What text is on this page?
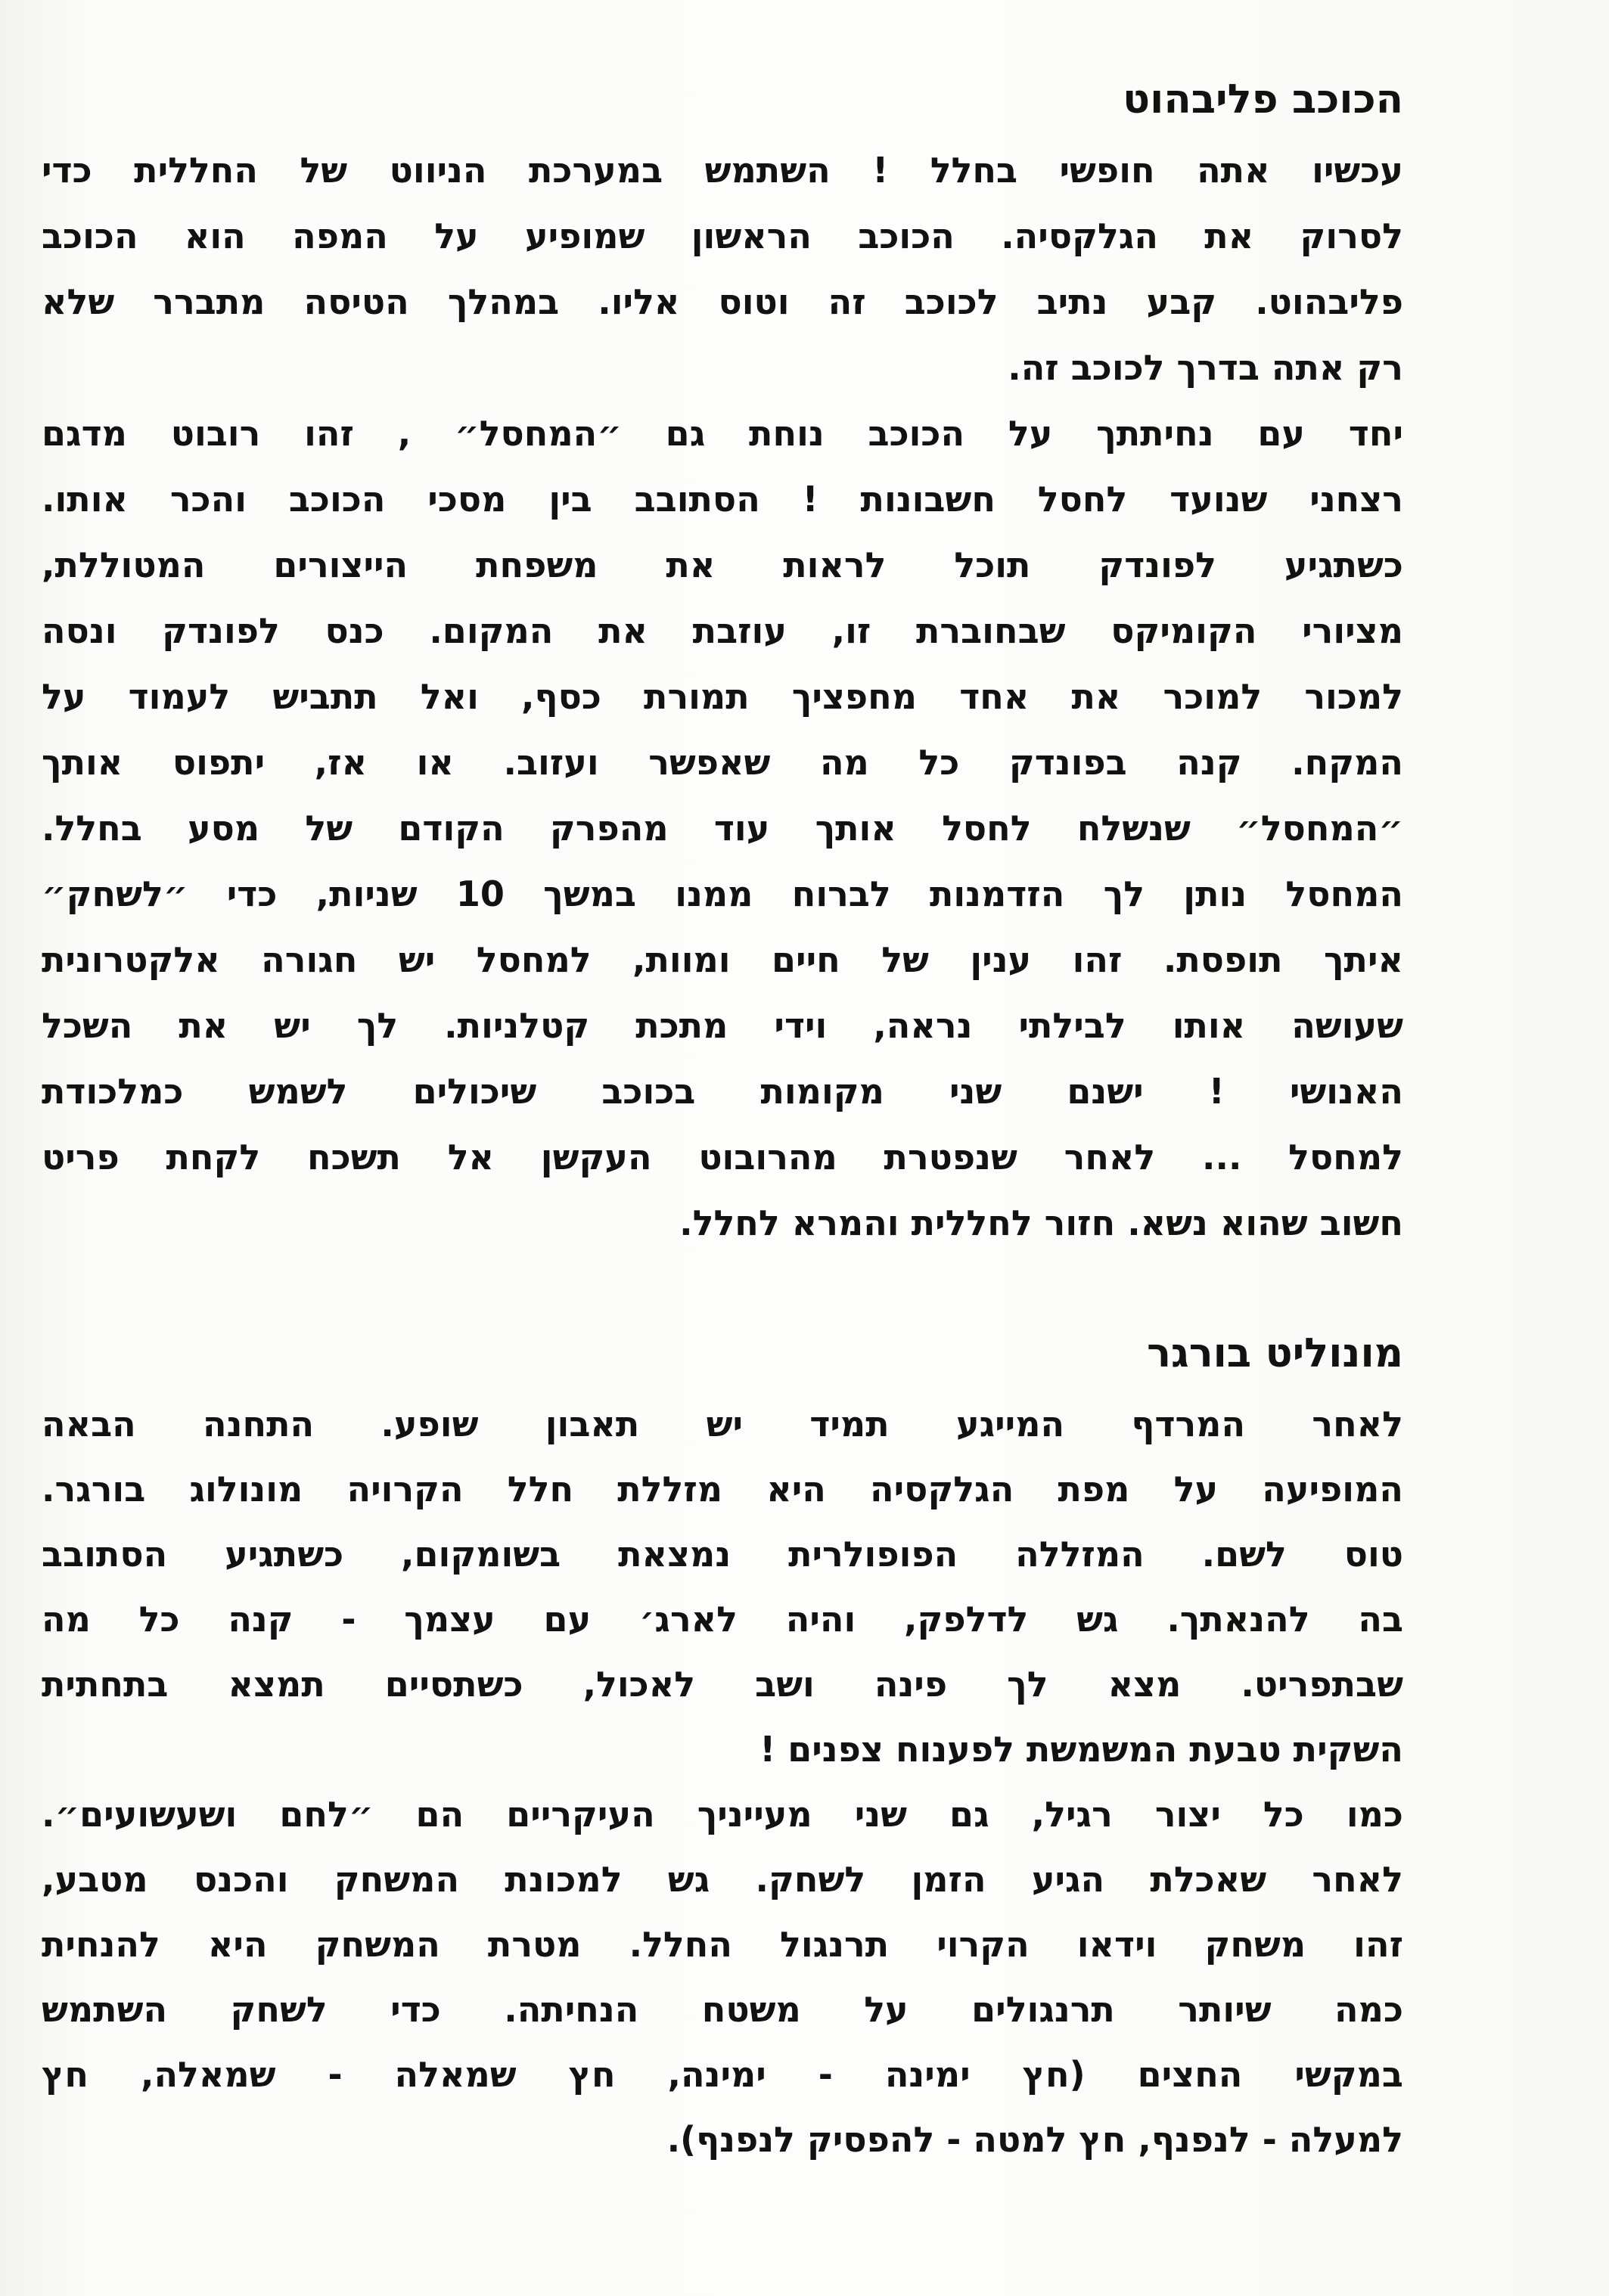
הכוכב פליבהוט
עכשיו אתה חופשי בחלל ! השתמש במערכת הניווט של החללית כדי
לסרוק את הגלקסיה. הכוכב הראשון שמופיע על המפה הוא הכוכב
פליבהוט. קבע נתיב לכוכב זה וטוס אליו. במהלך הטיסה מתברר שלא
רק אתה בדרך לכוכב זה.
יחד עם נחיתתך על הכוכב נוחת גם ״המחסל״ , זהו רובוט מדגם
רצחני שנועד לחסל חשבונות ! הסתובב בין מסכי הכוכב והכר אותו.
כשתגיע לפונדק תוכל לראות את משפחת הייצורים המטוללת,
מציורי הקומיקס שבחוברת זו, עוזבת את המקום. כנס לפונדק ונסה
למכור למוכר את אחד מחפציך תמורת כסף, ואל תתביש לעמוד על
המקח. קנה בפונדק כל מה שאפשר ועזוב. או אז, יתפוס אותך
״המחסל״ שנשלח לחסל אותך עוד מהפרק הקודם של מסע בחלל.
המחסל נותן לך הזדמנות לברוח ממנו במשך 10 שניות, כדי ״לשחק״
איתך תופסת. זהו ענין של חיים ומוות, למחסל יש חגורה אלקטרונית
שעושה אותו לבילתי נראה, וידי מתכת קטלניות. לך יש את השכל
האנושי ! ישנם שני מקומות בכוכב שיכולים לשמש כמלכודת
למחסל ... לאחר שנפטרת מהרובוט העקשן אל תשכח לקחת פריט
חשוב שהוא נשא. חזור לחללית והמרא לחלל.
מונוליט בורגר
לאחר המרדף המייגע תמיד יש תאבון שופע. התחנה הבאה
המופיעה על מפת הגלקסיה היא מזללת חלל הקרויה מונולוג בורגר.
טוס לשם. המזללה הפופולרית נמצאת בשומקום, כשתגיע הסתובב
בה להנאתך. גש לדלפק, והיה לארג׳ עם עצמך - קנה כל מה
שבתפריט. מצא לך פינה ושב לאכול, כשתסיים תמצא בתחתית
השקית טבעת המשמשת לפענוח צפנים !
כמו כל יצור רגיל, גם שני מעייניך העיקריים הם ״לחם ושעשועים״.
לאחר שאכלת הגיע הזמן לשחק. גש למכונת המשחק והכנס מטבע,
זהו משחק וידאו הקרוי תרנגול החלל. מטרת המשחק היא להנחית
כמה שיותר תרנגולים על משטח הנחיתה. כדי לשחק השתמש
במקשי החצים (חץ ימינה - ימינה, חץ שמאלה - שמאלה, חץ
למעלה - לנפנף, חץ למטה - להפסיק לנפנף).
